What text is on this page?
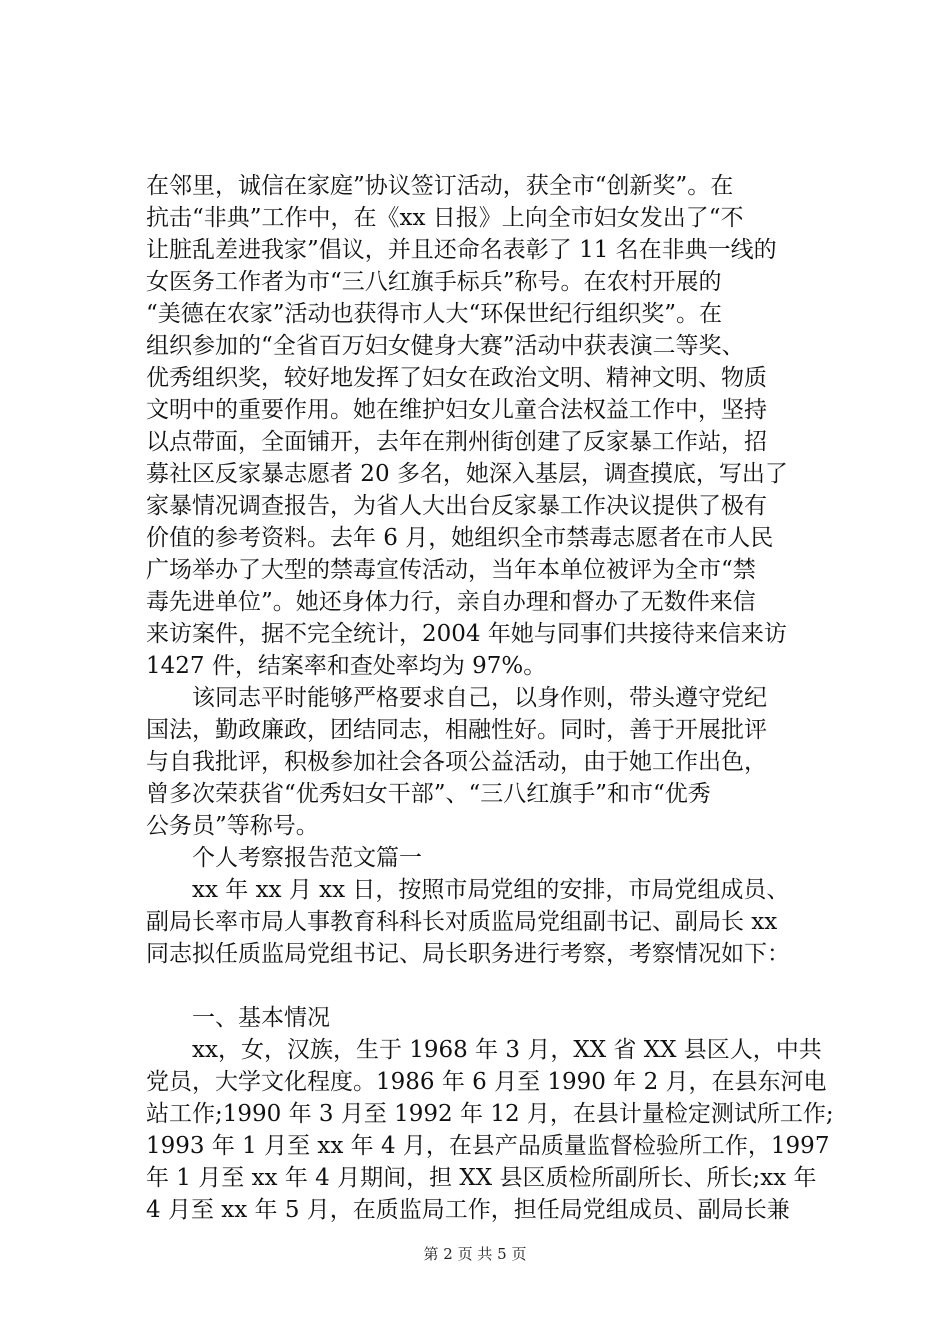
在邻里，诚信在家庭”协议签订活动，获全市“创新奖”。在
抗击“非典”工作中，在《xx 日报》上向全市妇女发出了“不
让脏乱差进我家”倡议，并且还命名表彰了 11 名在非典一线的
女医务工作者为市“三八红旗手标兵”称号。在农村开展的
“美德在农家”活动也获得市人大“环保世纪行组织奖”。在
组织参加的“全省百万妇女健身大赛”活动中获表演二等奖、
优秀组织奖，较好地发挥了妇女在政治文明、精神文明、物质
文明中的重要作用。她在维护妇女儿童合法权益工作中，坚持
以点带面，全面铺开，去年在荆州街创建了反家暴工作站，招
募社区反家暴志愿者 20 多名，她深入基层，调查摸底，写出了
家暴情况调查报告，为省人大出台反家暴工作决议提供了极有
价值的参考资料。去年 6 月，她组织全市禁毒志愿者在市人民
广场举办了大型的禁毒宣传活动，当年本单位被评为全市“禁
毒先进单位”。她还身体力行，亲自办理和督办了无数件来信
来访案件，据不完全统计，2004 年她与同事们共接待来信来访
1427 件，结案率和查处率均为 97%。
该同志平时能够严格要求自己，以身作则，带头遵守党纪
国法，勤政廉政，团结同志，相融性好。同时，善于开展批评
与自我批评，积极参加社会各项公益活动，由于她工作出色，
曾多次荣获省“优秀妇女干部”、“三八红旗手”和市“优秀
公务员”等称号。
个人考察报告范文篇一
xx 年 xx 月 xx 日，按照市局党组的安排，市局党组成员、
副局长率市局人事教育科科长对质监局党组副书记、副局长 xx
同志拟任质监局党组书记、局长职务进行考察，考察情况如下：
一、基本情况
xx，女，汉族，生于 1968 年 3 月，XX 省 XX 县区人，中共
党员，大学文化程度。1986 年 6 月至 1990 年 2 月，在县东河电
站工作;1990 年 3 月至 1992 年 12 月，在县计量检定测试所工作;
1993 年 1 月至 xx 年 4 月，在县产品质量监督检验所工作，1997
年 1 月至 xx 年 4 月期间，担 XX 县区质检所副所长、所长;xx 年
4 月至 xx 年 5 月，在质监局工作，担任局党组成员、副局长兼
第 2 页 共 5 页
